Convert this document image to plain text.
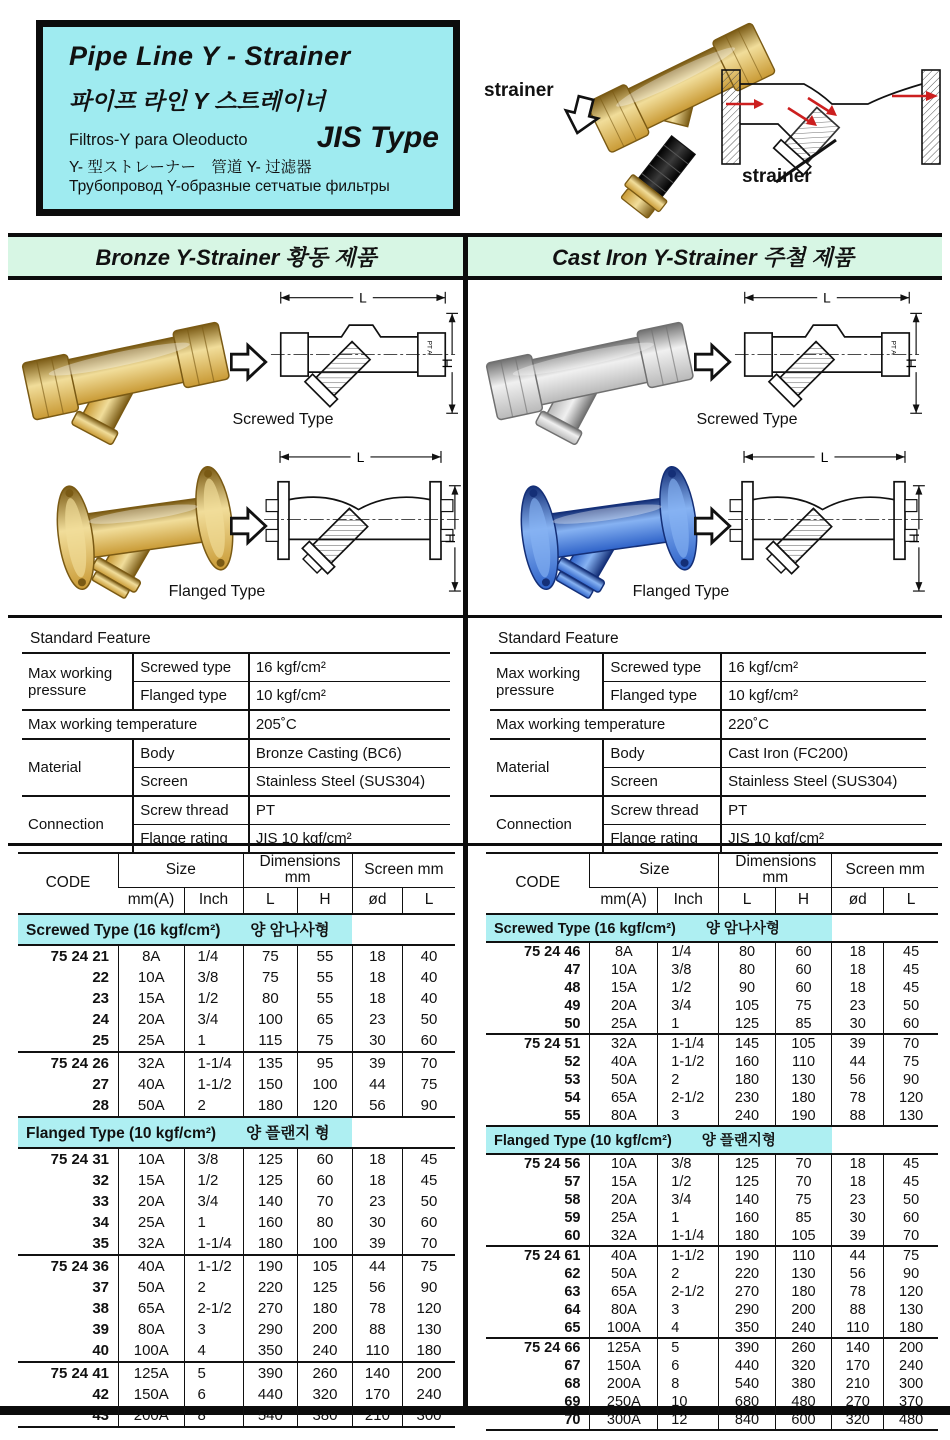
Pipe Line Y - Strainer
파이프 라인 Y 스트레이너
Filtros-Y para Oleoducto
Y- 型ストレーナー　管道 Y- 过滤器
Трубопровод Y-образные сетчатые фильтры
JIS Type
strainer
strainer
Bronze Y-Strainer 황동 제품	Cast Iron Y-Strainer 주철 제품
L
PT A
H
Screwed Type
L
H
Flanged Type
Standard Feature
Max working pressure	Screwed type	16 kgf/cm²
	Flanged type	10 kgf/cm²
Max working temperature		205˚C
Material	Body	Bronze Casting (BC6)
	Screen	Stainless Steel (SUS304)
Connection	Screw thread	PT
	Flange rating	JIS 10 kgf/cm²
CODE	Size		Dimensions mm		Screen mm	
	mm(A)	Inch	L	H	ød	L
Screwed Type (16 kgf/cm²) 양 암나사형						
75 24 21	8A	1/4	75	55	18	40
22	10A	3/8	75	55	18	40
23	15A	1/2	80	55	18	40
24	20A	3/4	100	65	23	50
25	25A	1	115	75	30	60
75 24 26	32A	1-1/4	135	95	39	70
27	40A	1-1/2	150	100	44	75
28	50A	2	180	120	56	90
Flanged Type (10 kgf/cm²) 양 플랜지 형						
75 24 31	10A	3/8	125	60	18	45
32	15A	1/2	125	60	18	45
33	20A	3/4	140	70	23	50
34	25A	1	160	80	30	60
35	32A	1-1/4	180	100	39	70
75 24 36	40A	1-1/2	190	105	44	75
37	50A	2	220	125	56	90
38	65A	2-1/2	270	180	78	120
39	80A	3	290	200	88	130
40	100A	4	350	240	110	180
75 24 41	125A	5	390	260	140	200
42	150A	6	440	320	170	240
43	200A	8	540	380	210	300
L
PT A
H
Screwed Type
L
H
Flanged Type
Standard Feature
Max working pressure	Screwed type	16 kgf/cm²
	Flanged type	10 kgf/cm²
Max working temperature		220˚C
Material	Body	Cast Iron (FC200)
	Screen	Stainless Steel (SUS304)
Connection	Screw thread	PT
	Flange rating	JIS 10 kgf/cm²
CODE	Size		Dimensions mm		Screen mm	
	mm(A)	Inch	L	H	ød	L
Screwed Type (16 kgf/cm²) 양 암나사형						
75 24 46	8A	1/4	80	60	18	45
47	10A	3/8	80	60	18	45
48	15A	1/2	90	60	18	45
49	20A	3/4	105	75	23	50
50	25A	1	125	85	30	60
75 24 51	32A	1-1/4	145	105	39	70
52	40A	1-1/2	160	110	44	75
53	50A	2	180	130	56	90
54	65A	2-1/2	230	180	78	120
55	80A	3	240	190	88	130
Flanged Type (10 kgf/cm²) 양 플랜지형						
75 24 56	10A	3/8	125	70	18	45
57	15A	1/2	125	70	18	45
58	20A	3/4	140	75	23	50
59	25A	1	160	85	30	60
60	32A	1-1/4	180	105	39	70
75 24 61	40A	1-1/2	190	110	44	75
62	50A	2	220	130	56	90
63	65A	2-1/2	270	180	78	120
64	80A	3	290	200	88	130
65	100A	4	350	240	110	180
75 24 66	125A	5	390	260	140	200
67	150A	6	440	320	170	240
68	200A	8	540	380	210	300
69	250A	10	680	480	270	370
70	300A	12	840	600	320	480
